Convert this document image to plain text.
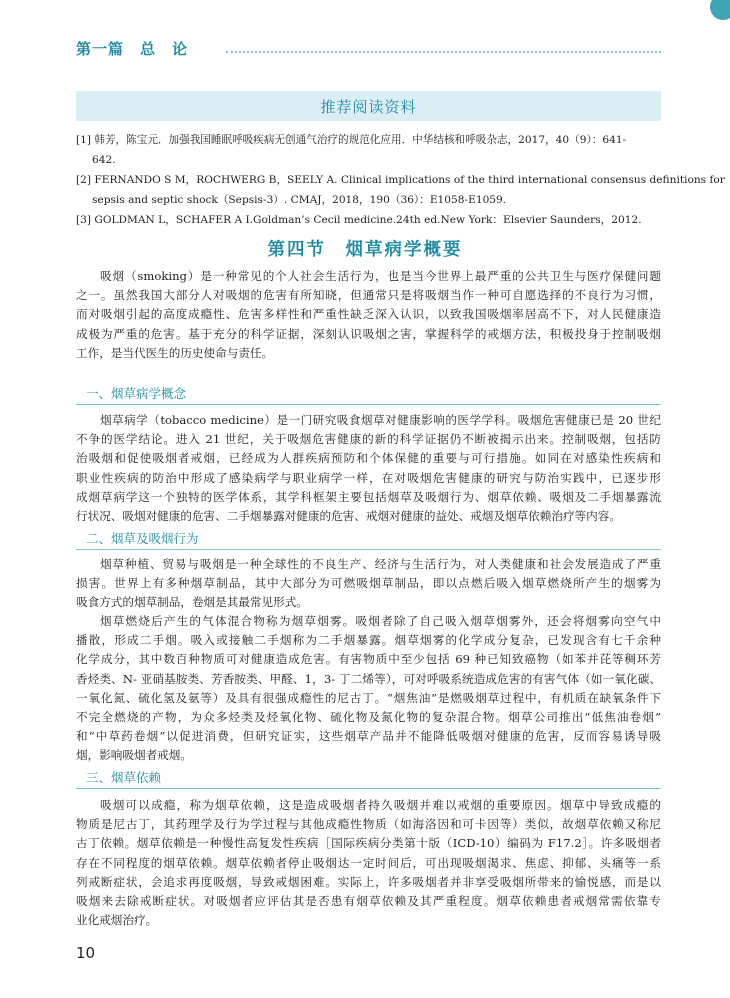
第一篇　总　论
推荐阅读资料
[1] 韩芳，陈宝元．加强我国睡眠呼吸疾病无创通气治疗的规范化应用．中华结核和呼吸杂志，2017，40（9）：641-
642.
[2] FERNANDO S M，ROCHWERG B，SEELY A. Clinical implications of the third international consensus definitions for
sepsis and septic shock（Sepsis-3）. CMAJ，2018，190（36）：E1058-E1059.
[3] GOLDMAN L，SCHAFER A I.Goldman’s Cecil medicine.24th ed.New York：Elsevier Saunders，2012.
第四节　烟草病学概要
吸烟（smoking）是一种常见的个人社会生活行为，也是当今世界上最严重的公共卫生与医疗保健问题
之一。虽然我国大部分人对吸烟的危害有所知晓，但通常只是将吸烟当作一种可自愿选择的不良行为习惯，
而对吸烟引起的高度成瘾性、危害多样性和严重性缺乏深入认识，以致我国吸烟率居高不下，对人民健康造
成极为严重的危害。基于充分的科学证据，深刻认识吸烟之害，掌握科学的戒烟方法，积极投身于控制吸烟
工作，是当代医生的历史使命与责任。
一、烟草病学概念
烟草病学（tobacco medicine）是一门研究吸食烟草对健康影响的医学学科。吸烟危害健康已是 20 世纪
不争的医学结论。进入 21 世纪，关于吸烟危害健康的新的科学证据仍不断被揭示出来。控制吸烟，包括防
治吸烟和促使吸烟者戒烟，已经成为人群疾病预防和个体保健的重要与可行措施。如同在对感染性疾病和
职业性疾病的防治中形成了感染病学与职业病学一样，在对吸烟危害健康的研究与防治实践中，已逐步形
成烟草病学这一个独特的医学体系，其学科框架主要包括烟草及吸烟行为、烟草依赖、吸烟及二手烟暴露流
行状况、吸烟对健康的危害、二手烟暴露对健康的危害、戒烟对健康的益处、戒烟及烟草依赖治疗等内容。
二、烟草及吸烟行为
烟草种植、贸易与吸烟是一种全球性的不良生产、经济与生活行为，对人类健康和社会发展造成了严重
损害。世界上有多种烟草制品，其中大部分为可燃吸烟草制品，即以点燃后吸入烟草燃烧所产生的烟雾为
吸食方式的烟草制品，卷烟是其最常见形式。
烟草燃烧后产生的气体混合物称为烟草烟雾。吸烟者除了自己吸入烟草烟雾外，还会将烟雾向空气中
播散，形成二手烟。吸入或接触二手烟称为二手烟暴露。烟草烟雾的化学成分复杂，已发现含有七千余种
化学成分，其中数百种物质可对健康造成危害。有害物质中至少包括 69 种已知致癌物（如苯并芘等稠环芳
香烃类、N- 亚硝基胺类、芳香胺类、甲醛、1，3- 丁二烯等），可对呼吸系统造成危害的有害气体（如一氧化碳、
一氧化氮、硫化氢及氨等）及具有很强成瘾性的尼古丁。“烟焦油”是燃吸烟草过程中，有机质在缺氧条件下
不完全燃烧的产物，为众多烃类及烃氧化物、硫化物及氮化物的复杂混合物。烟草公司推出“低焦油卷烟”
和“中草药卷烟”以促进消费，但研究证实，这些烟草产品并不能降低吸烟对健康的危害，反而容易诱导吸
烟，影响吸烟者戒烟。
三、烟草依赖
吸烟可以成瘾，称为烟草依赖，这是造成吸烟者持久吸烟并难以戒烟的重要原因。烟草中导致成瘾的
物质是尼古丁，其药理学及行为学过程与其他成瘾性物质（如海洛因和可卡因等）类似，故烟草依赖又称尼
古丁依赖。烟草依赖是一种慢性高复发性疾病［国际疾病分类第十版（ICD-10）编码为 F17.2］。许多吸烟者
存在不同程度的烟草依赖。烟草依赖者停止吸烟达一定时间后，可出现吸烟渴求、焦虑、抑郁、头痛等一系
列戒断症状，会追求再度吸烟，导致戒烟困难。实际上，许多吸烟者并非享受吸烟所带来的愉悦感，而是以
吸烟来去除戒断症状。对吸烟者应评估其是否患有烟草依赖及其严重程度。烟草依赖患者戒烟常需依靠专
业化戒烟治疗。
10
